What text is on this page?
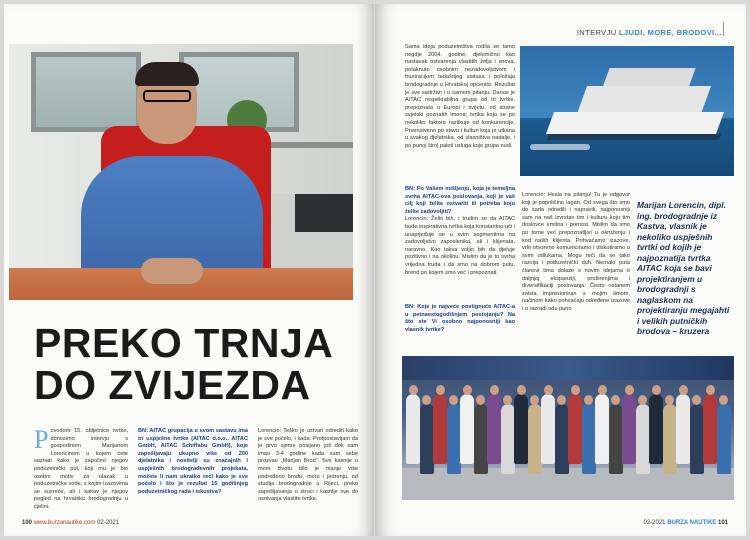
PREKO TRNJA
DO ZVIJEZDA
P ovodom 15. obljetnice tvrtke, donosimo intervju s gospodinom Marijanom Lorencinom u kojem ćete saznati kako je započeo njegov poduzetnički put, koji mu je bio osobni motiv za ulazak u poduzetničke vode, s kojim izazovima se susreće, ali i kakav je njegov pogled na hrvatsku brodogradnju u cjelini.
BN: AITAC grupacija u svom sastavu ima tri uspješne tvrtke (AITAC d.o.o., AITAC GmbH, AITAC Schiffabu GmbH), koje zapošljavaju ukupno više od 200 djelatnika i nositelji su značajnih i uspješnih brodograđevnih projekata, možete li nam ukratko reći kako je sve počelo i što je rezultat 15 godišnjeg poduzetničkog rada i iskustva?
Lorencin: Teško je ustvari odrediti kako je sve počelo, i kada. Pretpostavljam da je prvo sjeme posijano još dok sam imao 3-4 godine kada sam sebe prozvao „Marijan Brod“. Sve kasnije u mom životu bilo je manje više podređeno brodu, moru i jedrenju, od studija brodogradnje u Rijeci, preko zapošljavanja u struci i kasnije sve do osnivanja vlastite tvrtke.
100 www.burzanautike.com 02-2021
INTERVJU LJUDI, MORE, BRODOVI...
Sama ideja poduzetništva rodila se tamo negdje 2004. godine, djelomično kao nastavak ostvarenja vlastitih želja i snova, potaknuto osobnim nezadovoljstvom i frustracijom tadašnjeg statusa i položaja brodogradnje u Hrvatskoj općenito. Rezultat je sve sadržan i u samom pitanju. Danas je AITAC respektabilna grupa od tri tvrtke, prepoznata u Europi i svijetu, od strane svjetski poznatih imena; tvrtka koja se po nekoliko faktora razlikuje od konkurencije. Prvenstveno po stavu i kulturi koja je utkana u svakog djelatnika, od vlasništva nadalje, i po punoj široj paleti usluga koje grupa nudi.
BN: Po Vašem mišljenju, koja je temeljna svrha AITAC-ova poslovanja, koji je vaš cilj koji želite ostvariti ili potreba koju želite zadovoljiti?
Lorencin: Želio bih, i trudim se da AITAC bude inspirativna tvrtka koja konstantno uči i unaprjeđuje se u svim segmentima na zadovoljstvo zaposlenika, ali i klijenata, naravno. Kao takva voljio bih da djeluje pozitivno i na okolinu. Mislim da je to svrha vrijedna truda i da smo na dobrom putu, brend po kojem smo već i prepoznati.
BN: Koje je najveće postignuće AITAC-a u petnaestogodišnjem postojanju? Na što ste Vi osobno najponosniji kao vlasnik tvrtke?
Lorencin: Hvala na pitanju! Tu je odgovor koji je popriličino lagan. Od svega što smo do sada odradili i napravili, najponosniji sam na naš izvrstan tim i kulturu koju tim doslovce emitira i prenosi. Mislim da smo po tome već prepoznatljivi u okruženju i kod naših klijenta. Prihvaćamo izazove, vrlo otvoreno komuniciramo i diskutiramo o svim odlukama. Mogu reći da se tako razvija i poduzetnički duh. Nemalo puta članovi tima dolaze s novim idejama o daljnjoj ekspanziji, proširenjima i diversifikaciji poslovanja. Često ostanem zaista impresioniran s mojim timom, načinom kako prihvaćaju određene izazove i u razradi odu puno
Marijan Lorencin, dipl. ing. brodogradnje iz Kastva, vlasnik je nekoliko uspješnih tvrtki od kojih je najpoznatija tvrtka AITAC koja se bavi projektiranjem u brodogradnji s naglaskom na projektiranju megajahti i velikih putničkih brodova – kruzera
02-2021 BURZA NAUTIKE 101
